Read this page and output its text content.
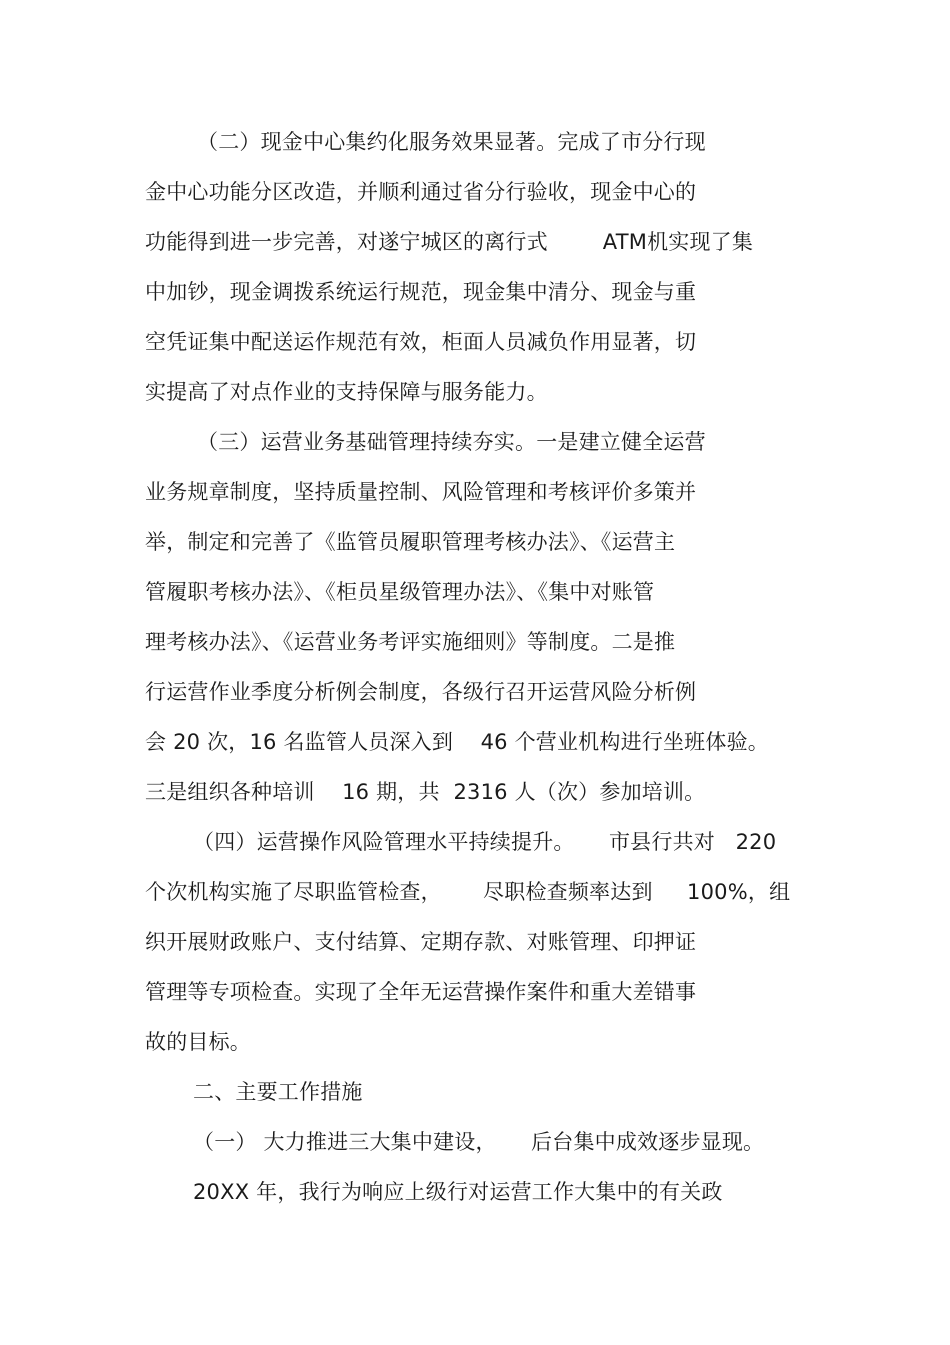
（二）现金中心集约化服务效果显著。完成了市分行现
金中心功能分区改造，并顺利通过省分行验收，现金中心的
功能得到进一步完善，对遂宁城区的离行式        ATM机实现了集
中加钞，现金调拨系统运行规范，现金集中清分、现金与重
空凭证集中配送运作规范有效，柜面人员减负作用显著，切
实提高了对点作业的支持保障与服务能力。
（三）运营业务基础管理持续夯实。一是建立健全运营
业务规章制度，坚持质量控制、风险管理和考核评价多策并
举，制定和完善了《监管员履职管理考核办法》、《运营主
管履职考核办法》、《柜员星级管理办法》、《集中对账管
理考核办法》、《运营业务考评实施细则》等制度。二是推
行运营作业季度分析例会制度，各级行召开运营风险分析例
会 20 次，16 名监管人员深入到    46 个营业机构进行坐班体验。
三是组织各种培训    16 期，共  2316 人（次）参加培训。
（四）运营操作风险管理水平持续提升。     市县行共对   220
个次机构实施了尽职监管检查，      尽职检查频率达到     100%，组
织开展财政账户、支付结算、定期存款、对账管理、印押证
管理等专项检查。实现了全年无运营操作案件和重大差错事
故的目标。
二、主要工作措施
（一） 大力推进三大集中建设，     后台集中成效逐步显现。
20XX 年，我行为响应上级行对运营工作大集中的有关政
